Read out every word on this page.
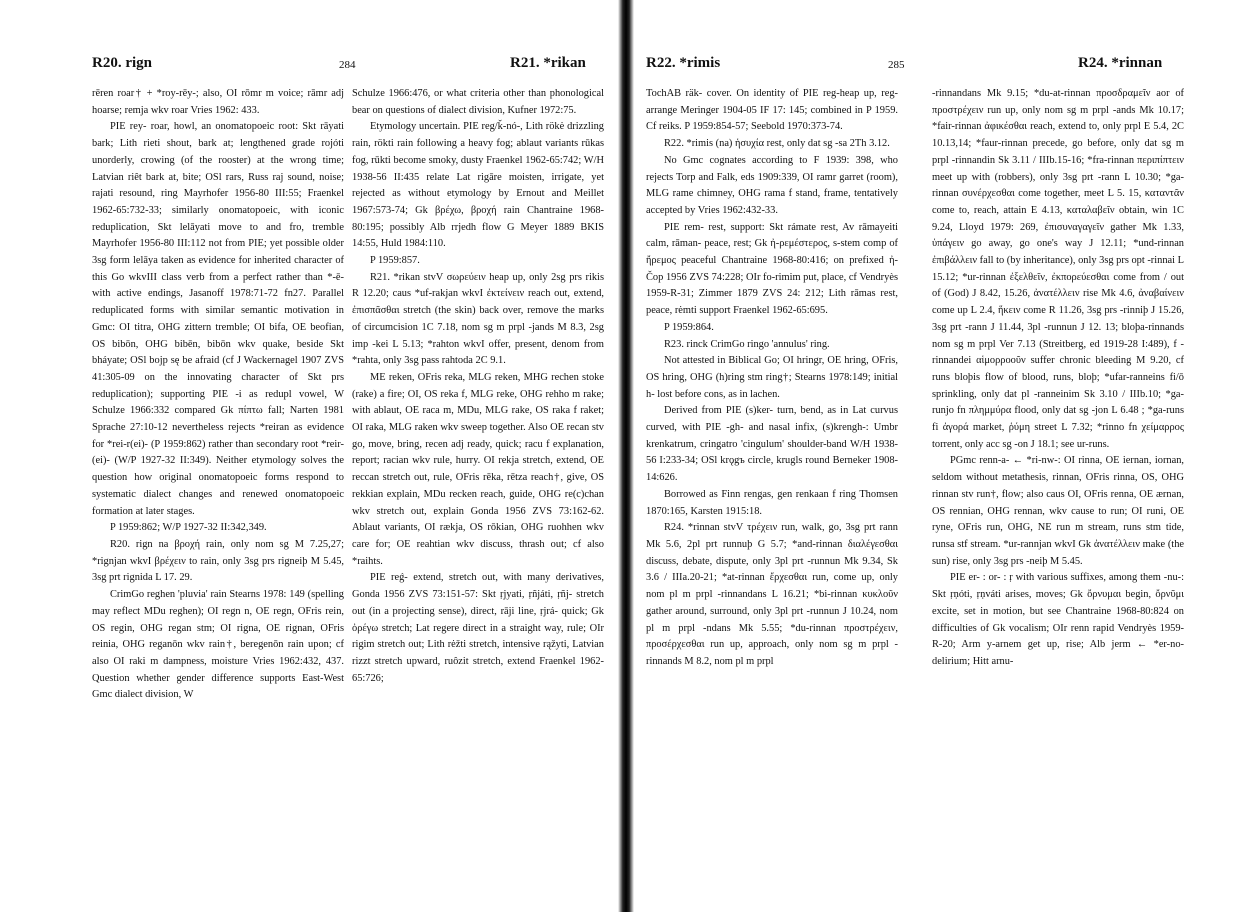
R20. rign	284	R21. *rikan

rēren roar† + *roy-rēy-; also, OI rōmr m voice; rāmr adj hoarse; remja wkv roar Vries 1962: 433.

PIE rey- roar, howl, an onomatopoeic root: Skt rāyati bark; Lith rieti shout, bark at; lengthened grade rojóti unorderly, crowing (of the rooster) at the wrong time; Latvian riêt bark at, bite; OSl rars, Russ raj sound, noise; rajati resound, ring Mayrhofer 1956-80 III:55; Fraenkel 1962-65:732-33; similarly onomatopoeic, with iconic reduplication, Skt lelāyati move to and fro, tremble Mayrhofer 1956-80 III:112 not from PIE; yet possible older 3sg form lelāya taken as evidence for inherited character of this Go wkvIII class verb from a perfect rather than *-ē- with active endings, Jasanoff 1978:71-72 fn27. Parallel reduplicated forms with similar semantic motivation in Gmc: OI titra, OHG zittern tremble; OI bifa, OE beofian, OS bibōn, OHG bibēn, bibōn wkv quake, beside Skt bháyate; OSl bojp sę be afraid (cf J Wackernagel 1907 ZVS 41:305-09 on the innovating character of Skt prs reduplication); supporting PIE -i as redupl vowel, W Schulze 1966:332 compared Gk πίπτω fall; Narten 1981 Sprache 27:10-12 nevertheless rejects *reiran as evidence for *rei-r(ei)- (P 1959:862) rather than secondary root *reir-(ei)- (W/P 1927-32 II:349). Neither etymology solves the question how original onomatopoeic forms respond to systematic dialect changes and renewed onomatopoeic formation at later stages.

P 1959:862; W/P 1927-32 II:342,349.

R20. rign na βροχή rain, only nom sg M 7.25,27; *rignjan wkvI βρέχειν to rain, only 3sg prs rigneiþ M 5.45, 3sg prt rignida L 17. 29.

CrimGo reghen 'pluvia' rain Stearns 1978: 149 (spelling may reflect MDu reghen); OI regn n, OE regn, OFris rein, OS regin, OHG regan stm; OI rigna, OE rignan, OFris reinia, OHG reganōn wkv rain†, beregenōn rain upon; cf also OI raki m dampness, moisture Vries 1962:432, 437. Question whether gender difference supports East-West Gmc dialect division, W

Schulze 1966:476, or what criteria other than phonological bear on questions of dialect division, Kufner 1972:75.

Etymology uncertain. PIE reg/ǩ-nó-, Lith rökė drizzling rain, rökti rain following a heavy fog; ablaut variants rūkas fog, rūkti become smoky, dusty Fraenkel 1962-65:742; W/H 1938-56 II:435 relate Lat rigāre moisten, irrigate, yet rejected as without etymology by Ernout and Meillet 1967:573-74; Gk βρέχω, βροχή rain Chantraine 1968-80:195; possibly Alb rrjedh flow G Meyer 1889 BKIS 14:55, Huld 1984:110.

P 1959:857.

R21. *rikan stvV σωρεύειν heap up, only 2sg prs rikis R 12.20; caus *uf-rakjan wkvI ἐκτείνειν reach out, extend, ἐπισπᾶσθαι stretch (the skin) back over, remove the marks of circumcision 1C 7.18, nom sg m prpl -jands M 8.3, 2sg imp -kei L 5.13; *rahton wkvI offer, present, denom from *rahta, only 3sg pass rahtoda 2C 9.1.

ME reken, OFris reka, MLG reken, MHG rechen stoke (rake) a fire; OI, OS reka f, MLG reke, OHG rehho m rake; with ablaut, OE raca m, MDu, MLG rake, OS raka f raket; OI raka, MLG raken wkv sweep together. Also OE recan stv go, move, bring, recen adj ready, quick; racu f explanation, report; racian wkv rule, hurry. OI rekja stretch, extend, OE reccan stretch out, rule, OFris rēka, rētza reach†, give, OS rekkian explain, MDu recken reach, guide, OHG re(c)chan wkv stretch out, explain Gonda 1956 ZVS 73:162-62. Ablaut variants, OI rækja, OS rōkian, OHG ruohhen wkv care for; OE reahtian wkv discuss, thrash out; cf also *raihts.

PIE reǵ- extend, stretch out, with many derivatives, Gonda 1956 ZVS 73:151-57: Skt ṛjyati, ṛñjáti, ṛñj- stretch out (in a projecting sense), direct, rāji line, ṛjrá- quick; Gk ὀρέγω stretch; Lat regere direct in a straight way, rule; OIr rigim stretch out; Lith rėžti stretch, intensive rąžyti, Latvian rizzt stretch upward, ruôzit stretch, extend Fraenkel 1962-65:726;

R22. *rimis	285	R24. *rinnan

TochAB räk- cover. On identity of PIE reg-heap up, reg- arrange Meringer 1904-05 IF 17: 145; combined in P 1959. Cf reiks. P 1959:854-57; Seebold 1970:373-74.

R22. *rimis (na) ἡσυχία rest, only dat sg -sa 2Th 3.12.

No Gmc cognates according to F 1939: 398, who rejects Torp and Falk, eds 1909:339, OI ramr garret (room), MLG rame chimney, OHG rama f stand, frame, tentatively accepted by Vries 1962:432-33.

PIE rem- rest, support: Skt rámate rest, Av rāmayeiti calm, rāman- peace, rest; Gk ἠ-ρεμέστερος, s-stem comp of ἤρεμος peaceful Chantraine 1968-80:416; on prefixed ἠ- Čop 1956 ZVS 74:228; OIr fo-rimim put, place, cf Vendryès 1959-R-31; Zimmer 1879 ZVS 24: 212; Lith rāmas rest, peace, rėmti support Fraenkel 1962-65:695.

P 1959:864.

R23. rinck CrimGo ringo 'annulus' ring.

Not attested in Biblical Go; OI hringr, OE hring, OFris, OS hring, OHG (h)ring stm ring†; Stearns 1978:149; initial h- lost before cons, as in lachen.

Derived from PIE (s)ker- turn, bend, as in Lat curvus curved, with PIE -gh- and nasal infix, (s)krengh-: Umbr krenkatrum, cringatro 'cingulum' shoulder-band W/H 1938-56 I:233-34; OSl krǫgъ circle, krugls round Berneker 1908-14:626.

Borrowed as Finn rengas, gen renkaan f ring Thomsen 1870:165, Karsten 1915:18.

R24. *rinnan stvV τρέχειν run, walk, go, 3sg prt rann Mk 5.6, 2pl prt runnuþ G 5.7; *and-rinnan διαλέγεσθαι discuss, debate, dispute, only 3pl prt -runnun Mk 9.34, Sk 3.6 / IIIa.20-21; *at-rinnan ἔρχεσθαι run, come up, only nom pl m prpl -rinnandans L 16.21; *bi-rinnan κυκλοῦν gather around, surround, only 3pl prt -runnun J 10.24, nom pl m prpl -ndans Mk 5.55; *du-rinnan προστρέχειν, προσέρχεσθαι run up, approach, only nom sg m prpl -rinnands M 8.2, nom pl m prpl

-rinnandans Mk 9.15; *du-at-rinnan προσδραμεῖν aor of προστρέχειν run up, only nom sg m prpl -ands Mk 10.17; *fair-rinnan ἀφικέσθαι reach, extend to, only prpl E 5.4, 2C 10.13,14; *faur-rinnan precede, go before, only dat sg m prpl -rinnandin Sk 3.11 / IIIb.15-16; *fra-rinnan περιπίπτειν meet up with (robbers), only 3sg prt -rann L 10.30; *ga-rinnan συνέρχεσθαι come together, meet L 5. 15, καταντᾶν come to, reach, attain E 4.13, καταλαβεῖν obtain, win 1C 9.24, Lloyd 1979: 269, ἐπισυναγαγεῖν gather Mk 1.33, ὑπάγειν go away, go one's way J 12.11; *und-rinnan ἐπιβάλλειν fall to (by inheritance), only 3sg prs opt -rinnai L 15.12; *ur-rinnan ἐξελθεῖν, ἐκπορεύεσθαι come from / out of (God) J 8.42, 15.26, ἀνατέλλειν rise Mk 4.6, ἀναβαίνειν come up L 2.4, ἥκειν come R 11.26, 3sg prs -rinniþ J 15.26, 3sg prt -rann J 11.44, 3pl -runnun J 12. 13; bloþa-rinnands nom sg m prpl Ver 7.13 (Streitberg, ed 1919-28 I:489), f -rinnandei αἱμορροοῦν suffer chronic bleeding M 9.20, cf runs bloþis flow of blood, runs, bloþ; *ufar-ranneins fi/ō sprinkling, only dat pl -ranneinim Sk 3.10 / IIIb.10; *ga-runjo fn πλημμύρα flood, only dat sg -jon L 6.48 ; *ga-runs fi ἀγορά market, ῥύμη street L 7.32; *rinno fn χείμαρρος torrent, only acc sg -on J 18.1; see ur-runs.

PGmc renn-a- ← *ri-nw-: OI rinna, OE iernan, iornan, seldom without metathesis, rinnan, OFris rinna, OS, OHG rinnan stv run†, flow; also caus OI, OFris renna, OE ærnan, OS rennian, OHG rennan, wkv cause to run; OI runi, OE ryne, OFris run, OHG, NE run m stream, runs stm tide, runsa stf stream. *ur-rannjan wkvI Gk ἀνατέλλειν make (the sun) rise, only 3sg prs -neiþ M 5.45.

PIE er- : or- : ṛ with various suffixes, among them -nu-: Skt ṛṇóti, ṛṇváti arises, moves; Gk ὄρνυμαι begin, ὄρνῦμι excite, set in motion, but see Chantraine 1968-80:824 on difficulties of Gk vocalism; OIr renn rapid Vendryès 1959-R-20; Arm y-arnem get up, rise; Alb jerm ← *er-no- delirium; Hitt arnu-
